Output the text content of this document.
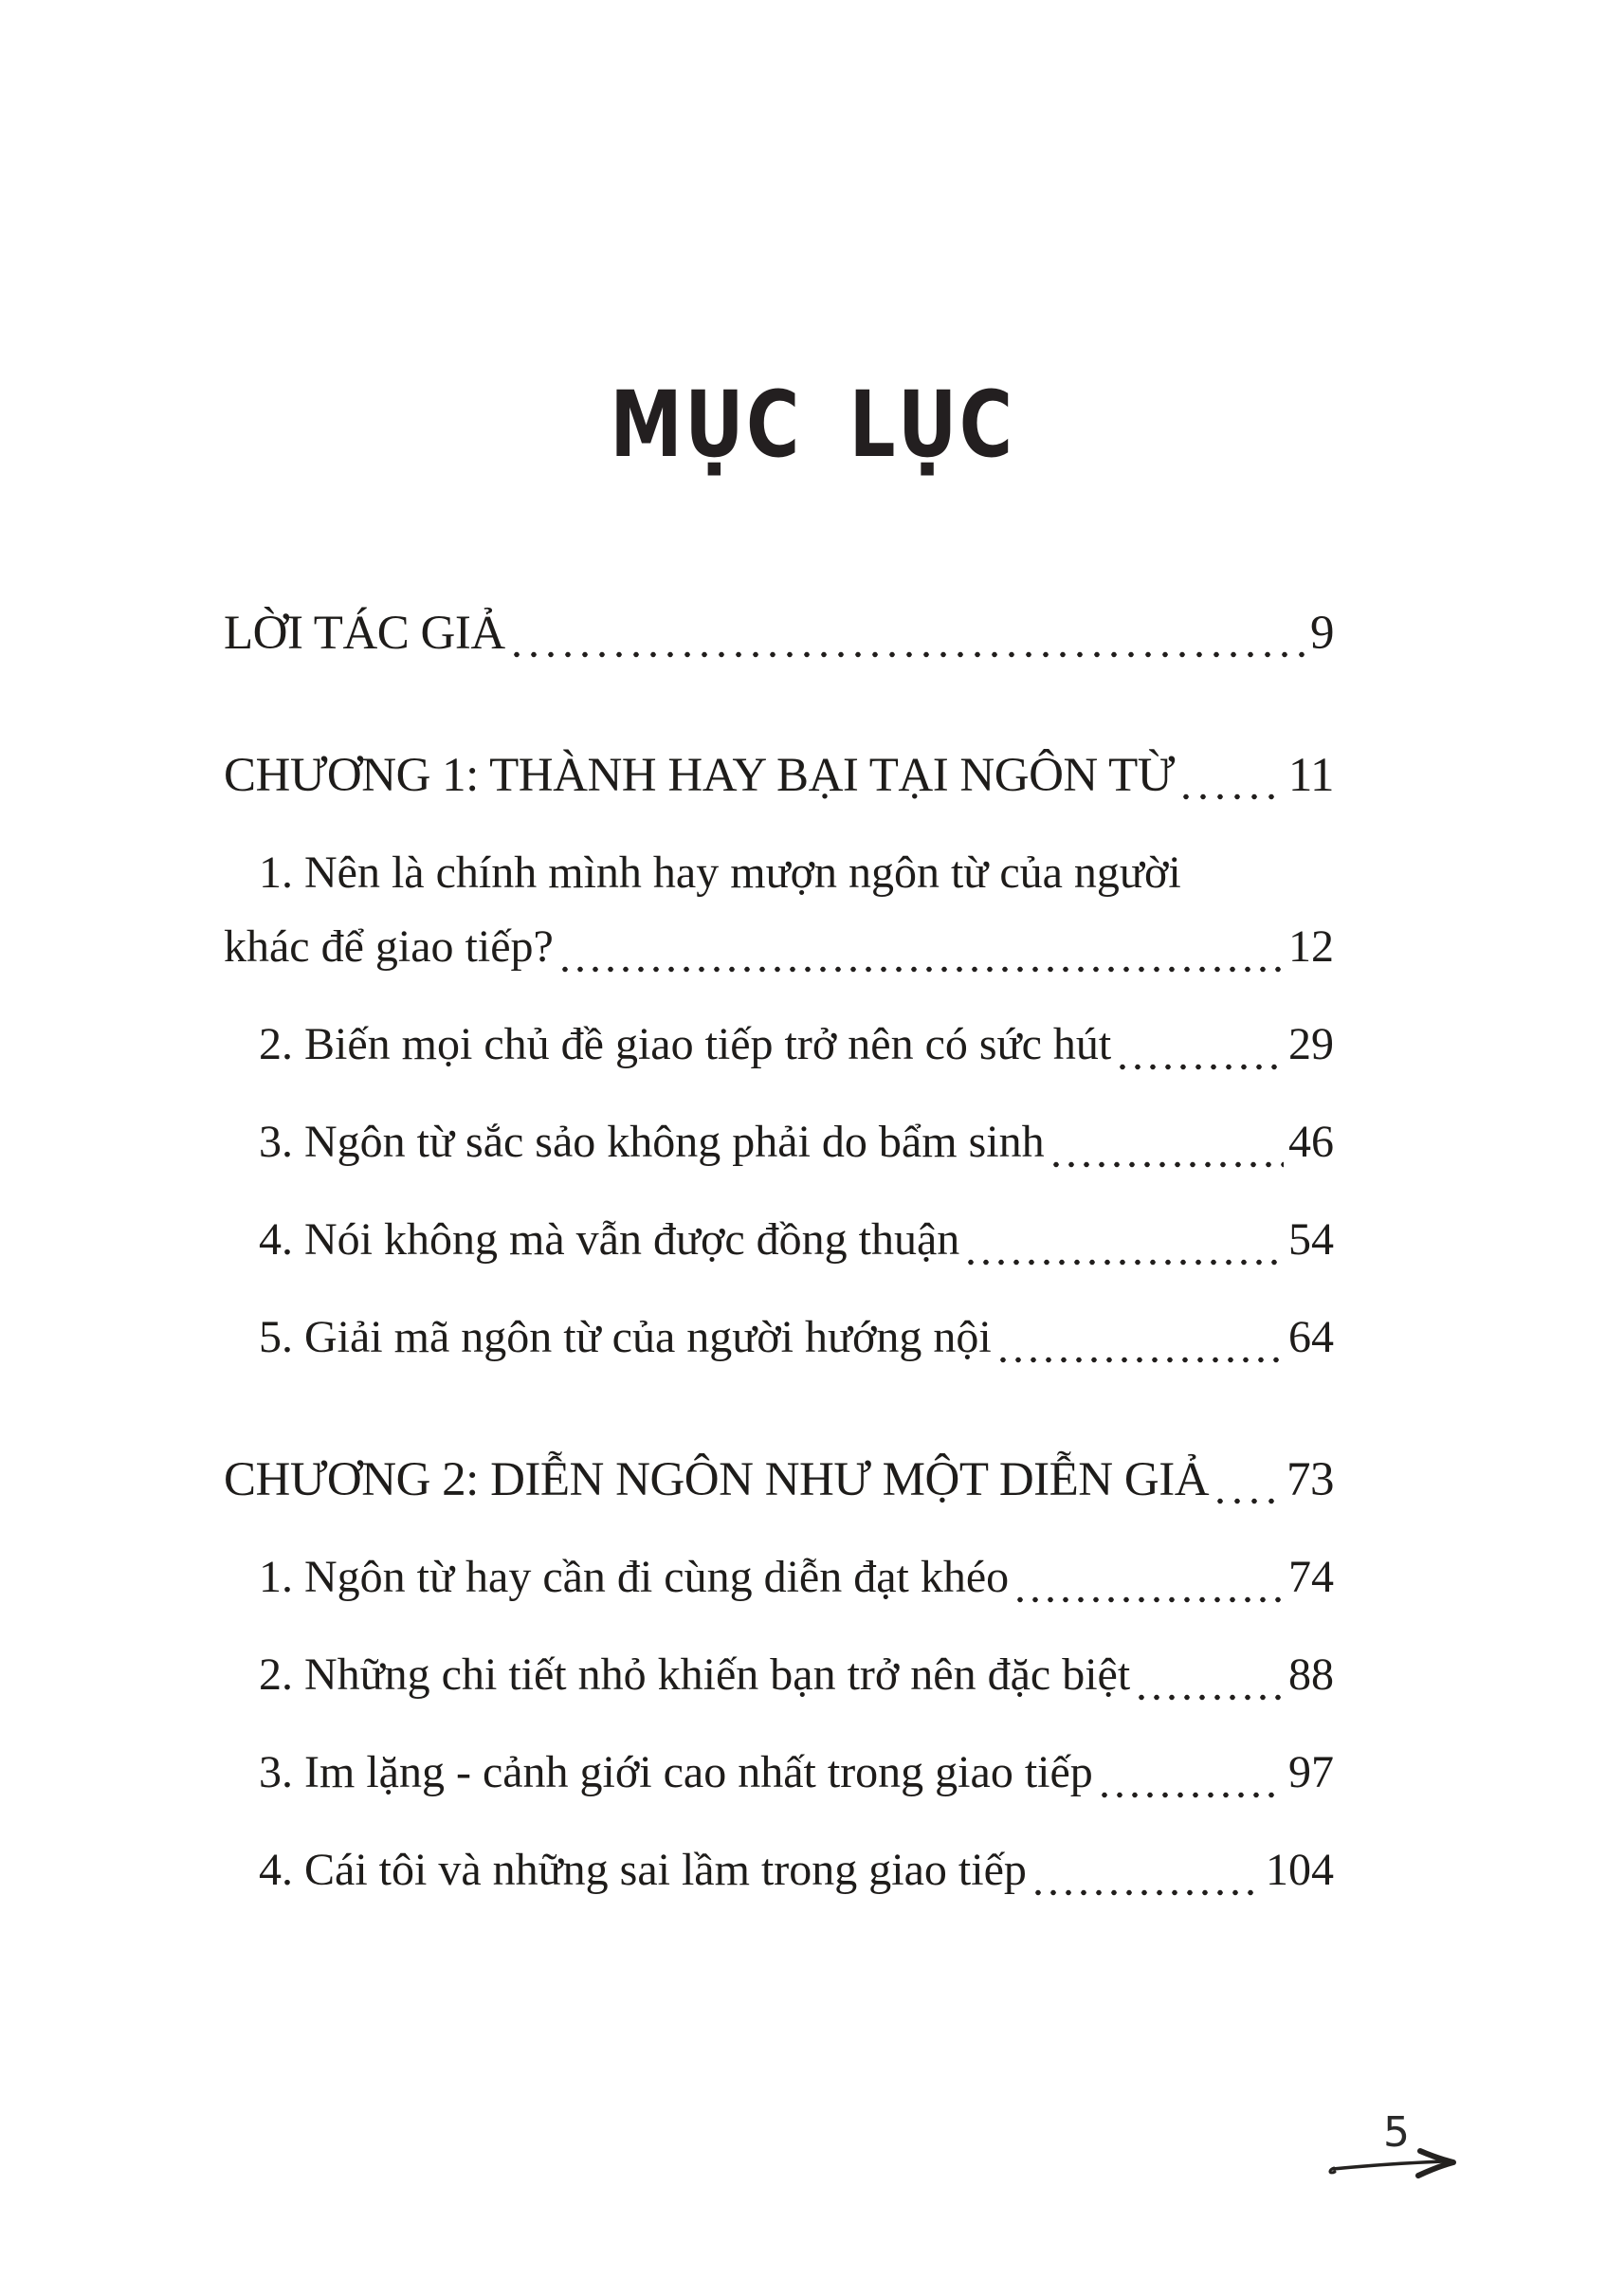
MỤC LỤC
LỜI TÁC GIẢ	9
CHƯƠNG 1: THÀNH HAY BẠI TẠI NGÔN TỪ 11
1. Nên là chính mình hay mượn ngôn từ của người
khác để giao tiếp?	12
2. Biến mọi chủ đề giao tiếp trở nên có sức hút	29
3. Ngôn từ sắc sảo không phải do bẩm sinh	46
4. Nói không mà vẫn được đồng thuận	54
5. Giải mã ngôn từ của người hướng nội	64
CHƯƠNG 2: DIỄN NGÔN NHƯ MỘT DIỄN GIẢ 73
1. Ngôn từ hay cần đi cùng diễn đạt khéo	74
2. Những chi tiết nhỏ khiến bạn trở nên đặc biệt	88
3. Im lặng - cảnh giới cao nhất trong giao tiếp	97
4. Cái tôi và những sai lầm trong giao tiếp	104
5
